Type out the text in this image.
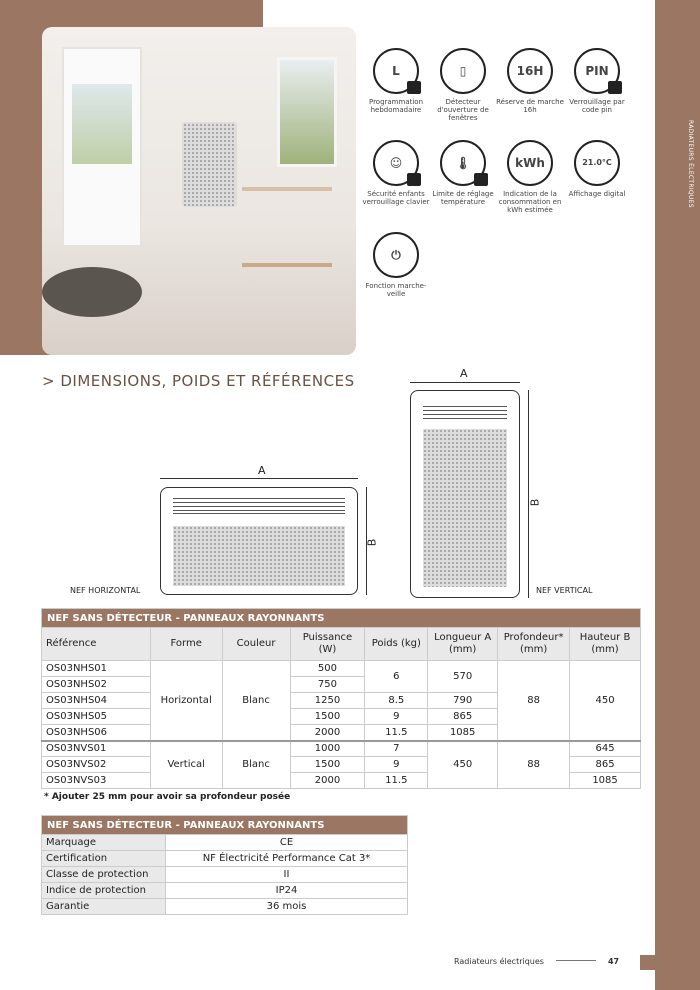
RADIATEURS ÉLECTRIQUES
L
Programmation hebdomadaire
▯
Détecteur d'ouverture de fenêtres
16H
Réserve de marche 16h
PIN
Verrouillage par code pin
☺
Sécurité enfants verrouillage clavier
🌡
Limite de réglage température
kWh
Indication de la consommation en kWh estimée
21.0°C
Affichage digital
⏻
Fonction marche-veille
> DIMENSIONS, POIDS ET RÉFÉRENCES
A
B
NEF HORIZONTAL
A
B
NEF VERTICAL
NEF SANS DÉTECTEUR - PANNEAUX RAYONNANTS							
Référence	Forme	Couleur	Puissance (W)	Poids (kg)	Longueur A (mm)	Profondeur* (mm)	Hauteur B (mm)
OS03NHS01	Horizontal	Blanc	500	6	570	88	450
OS03NHS02			750				
OS03NHS04			1250	8.5	790		
OS03NHS05			1500	9	865		
OS03NHS06			2000	11.5	1085		
OS03NVS01	Vertical	Blanc	1000	7	450	88	645
OS03NVS02			1500	9			865
OS03NVS03			2000	11.5			1085
* Ajouter 25 mm pour avoir sa profondeur posée
NEF SANS DÉTECTEUR - PANNEAUX RAYONNANTS	
Marquage	CE
Certification	NF Électricité Performance Cat 3*
Classe de protection	II
Indice de protection	IP24
Garantie	36 mois
Radiateurs électriques	47
